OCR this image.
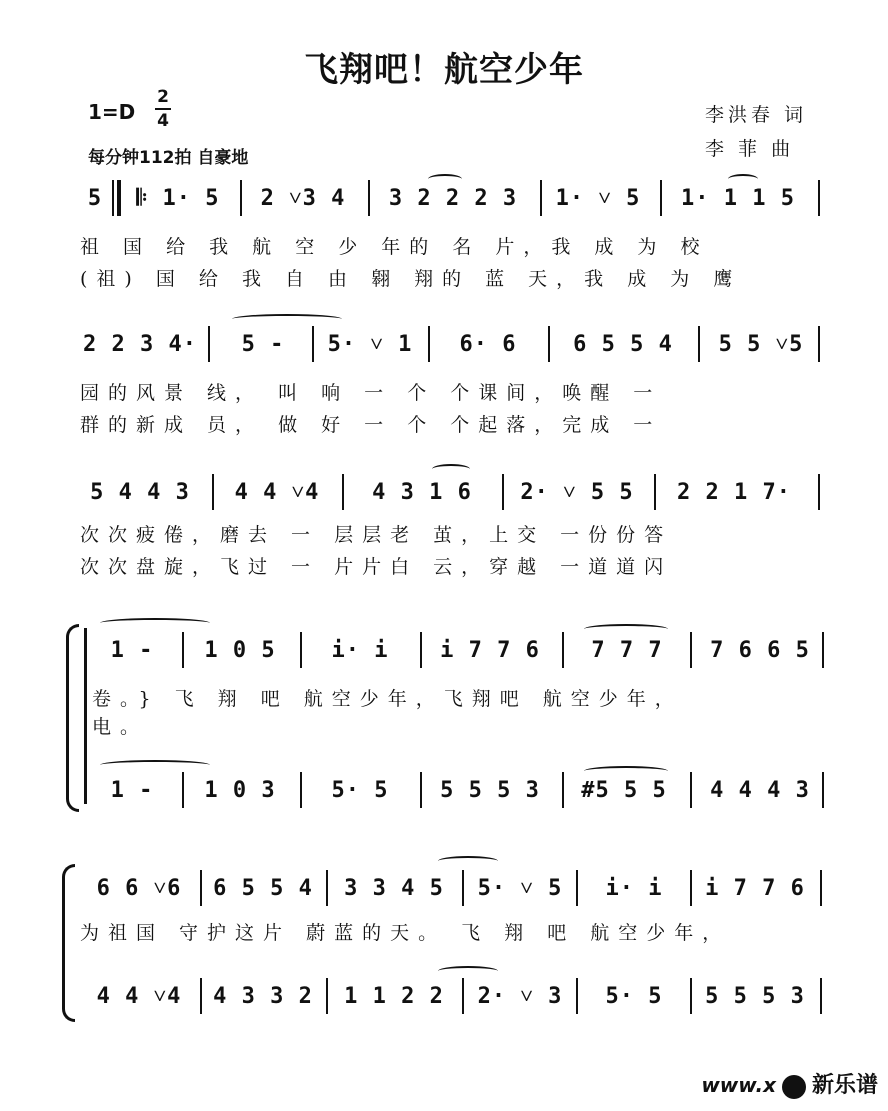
飞翔吧！航空少年
李洪春 词
李 菲 曲
1=D
2
4
每分钟112拍 自豪地
5	𝄆 1· 5	2 ˅3 4	3 2 2 2 3	1· ˅ 5	1· 1 1 5
祖 国 给 我 航 空 少 年的 名 片，我 成 为 校
(祖) 国 给 我 自 由 翱 翔的 蓝 天，我 成 为 鹰
2 2 3 4·	5 -	5· ˅ 1	6· 6	6 5 5 4	5 5 ˅5
园的风景 线， 叫 响 一 个 个课间，唤醒 一
群的新成 员， 做 好 一 个 个起落，完成 一
5 4 4 3	4 4 ˅4	4 3 1 6	2· ˅ 5 5	2 2 1 7·
次次疲倦，磨去 一 层层老 茧，上交 一份份答
次次盘旋，飞过 一 片片白 云，穿越 一道道闪
1 -	1 0 5	i· i	i 7 7 6	7 7 7	7 6 6 5
卷。} 飞 翔 吧 航空少年，飞翔吧 航空少年，
电。
1 -	1 0 3	5· 5	5 5 5 3	#5 5 5	4 4 4 3
6 6 ˅6	6 5 5 4	3 3 4 5	5· ˅ 5	i· i	i 7 7 6
为祖国 守护这片 蔚蓝的天。 飞 翔 吧 航空少年，
4 4 ˅4	4 3 3 2	1 1 2 2	2· ˅ 3	5· 5	5 5 5 3
www.x 新乐谱
